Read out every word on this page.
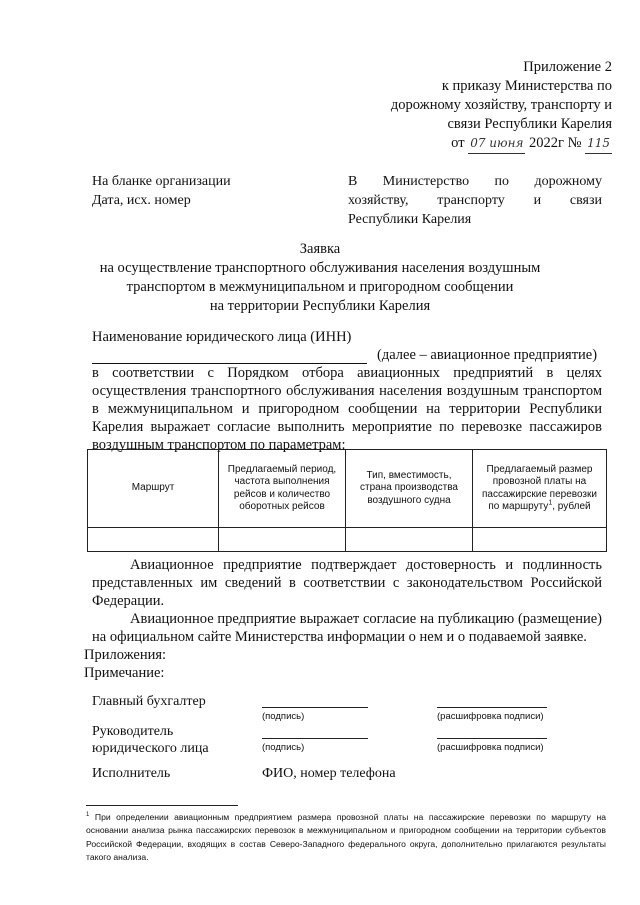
Приложение 2
к приказу Министерства по
дорожному хозяйству, транспорту и
связи Республики Карелия
от 07 июня 2022г № 115
На бланке организации
Дата, исх. номер
В Министерство по дорожному
хозяйству, транспорту и связи
Республики Карелия
Заявка
на осуществление транспортного обслуживания населения воздушным
транспортом в межмуниципальном и пригородном сообщении
на территории Республики Карелия

Наименование юридического лица (ИНН)

(далее – авиационное предприятие)

в соответствии с Порядком отбора авиационных предприятий в целях осуществления транспортного обслуживания населения воздушным транспортом в межмуниципальном и пригородном сообщении на территории Республики Карелия выражает согласие выполнить мероприятие по перевозке пассажиров воздушным транспортом по параметрам:

Маршрут	Предлагаемый период, частота выполнения рейсов и количество оборотных рейсов	Тип, вместимость, страна производства воздушного судна	Предлагаемый размер провозной платы на пассажирские перевозки по маршруту$^1$, рублей

Авиационное предприятие подтверждает достоверность и подлинность представленных им сведений в соответствии с законодательством Российской Федерации.

Авиационное предприятие выражает согласие на публикацию (размещение) на официальном сайте Министерства информации о нем и о подаваемой заявке.

Приложения:

Примечание:

Главный бухгалтер
(подпись)	(расшифровка подписи)
Руководитель
юридического лица	(подпись)	(расшифровка подписи)
Исполнитель	ФИО, номер телефона
$^1$ При определении авиационным предприятием размера провозной платы на пассажирские перевозки по маршруту на основании анализа рынка пассажирских перевозок в межмуниципальном и пригородном сообщении на территории субъектов Российской Федерации, входящих в состав Северо-Западного федерального округа, дополнительно прилагаются результаты такого анализа.
